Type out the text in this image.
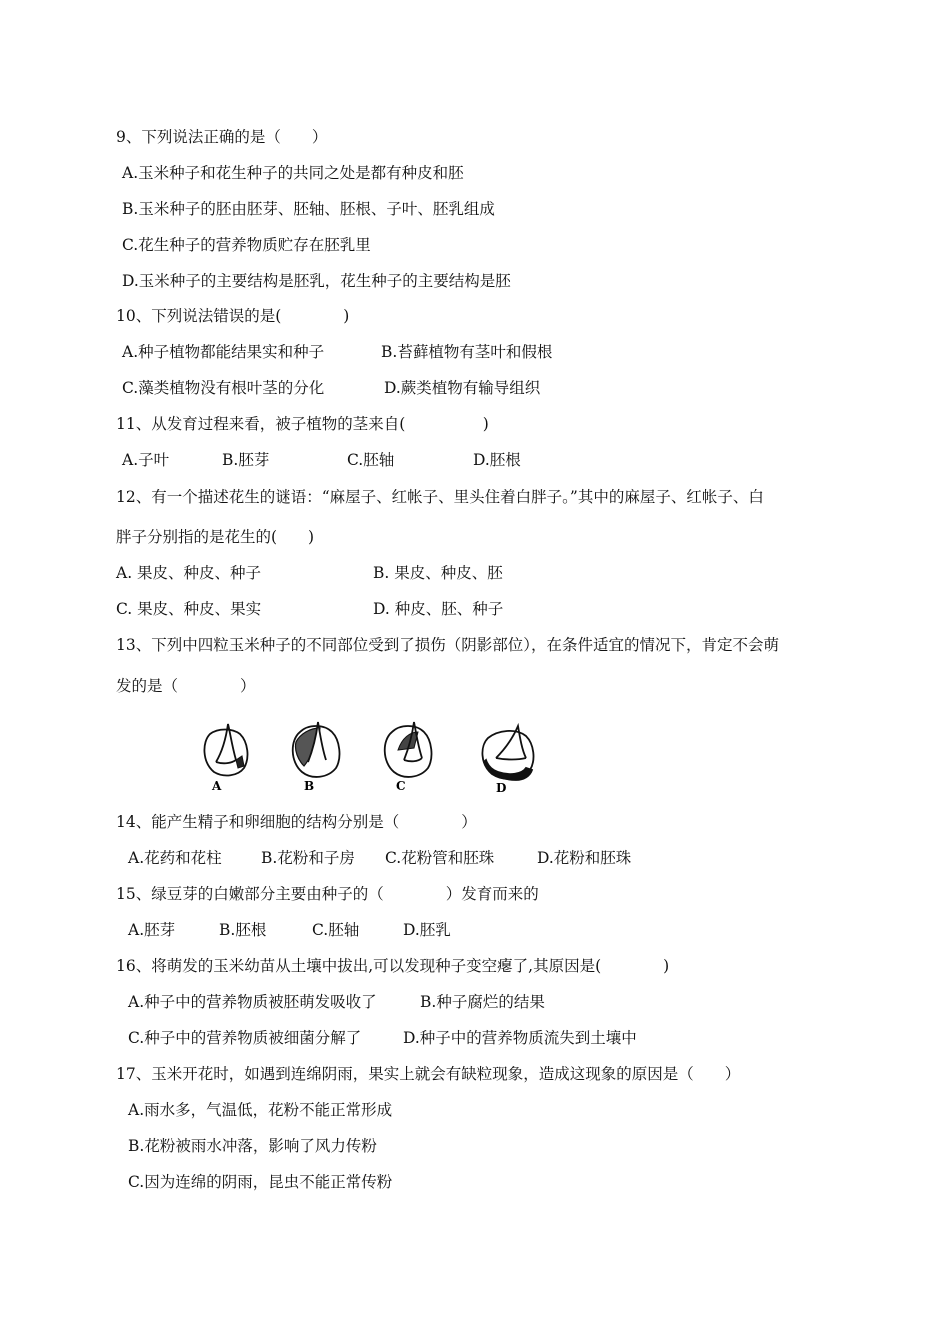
9、下列说法正确的是（　　）
A.玉米种子和花生种子的共同之处是都有种皮和胚
B.玉米种子的胚由胚芽、胚轴、胚根、子叶、胚乳组成
C.花生种子的营养物质贮存在胚乳里
D.玉米种子的主要结构是胚乳，花生种子的主要结构是胚
10、下列说法错误的是(　　　　)
A.种子植物都能结果实和种子	B.苔藓植物有茎叶和假根
C.藻类植物没有根叶茎的分化	D.蕨类植物有输导组织
11、从发育过程来看，被子植物的茎来自(　　　　　)
A.子叶	B.胚芽	C.胚轴	D.胚根
12、有一个描述花生的谜语：“麻屋子、红帐子、里头住着白胖子。”其中的麻屋子、红帐子、白
胖子分别指的是花生的(　　)
A. 果皮、种皮、种子	B. 果皮、种皮、胚
C. 果皮、种皮、果实	D. 种皮、胚、种子
13、下列中四粒玉米种子的不同部位受到了损伤（阴影部位），在条件适宜的情况下，肯定不会萌
发的是（　　　　）
A	B	C	D
14、能产生精子和卵细胞的结构分别是（　　　　）
A.花药和花柱	B.花粉和子房 C.花粉管和胚珠	D.花粉和胚珠
15、绿豆芽的白嫩部分主要由种子的（　　　　）发育而来的
A.胚芽	B.胚根	C.胚轴	D.胚乳
16、将萌发的玉米幼苗从土壤中拔出,可以发现种子变空瘪了,其原因是(　　　　)
A.种子中的营养物质被胚萌发吸收了	B.种子腐烂的结果
C.种子中的营养物质被细菌分解了	D.种子中的营养物质流失到土壤中
17、玉米开花时，如遇到连绵阴雨，果实上就会有缺粒现象，造成这现象的原因是（　　）
A.雨水多，气温低，花粉不能正常形成
B.花粉被雨水冲落，影响了风力传粉
C.因为连绵的阴雨，昆虫不能正常传粉
